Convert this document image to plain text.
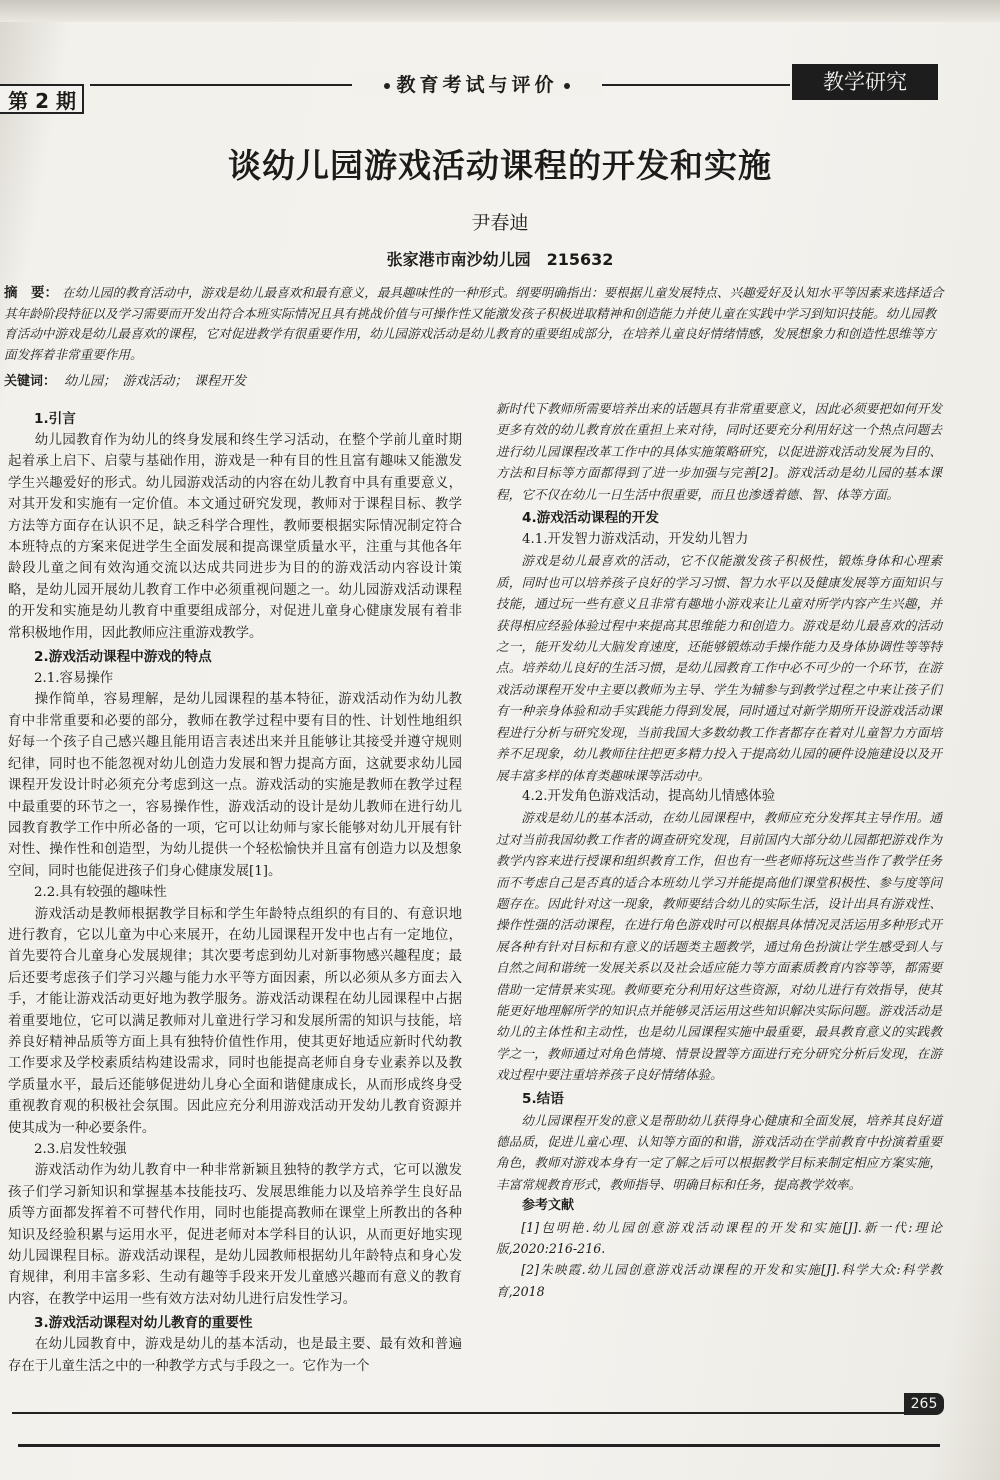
第 2 期
教育考试与评价	教学研究
谈幼儿园游戏活动课程的开发和实施
尹春迪
张家港市南沙幼儿园　215632
摘　要： 在幼儿园的教育活动中，游戏是幼儿最喜欢和最有意义，最具趣味性的一种形式。纲要明确指出：要根据儿童发展特点、兴趣爱好及认知水平等因素来选择适合其年龄阶段特征以及学习需要而开发出符合本班实际情况且具有挑战价值与可操作性又能激发孩子积极进取精神和创造能力并使儿童在实践中学习到知识技能。幼儿园教育活动中游戏是幼儿最喜欢的课程，它对促进教学有很重要作用，幼儿园游戏活动是幼儿教育的重要组成部分，在培养儿童良好情绪情感，发展想象力和创造性思维等方面发挥着非常重要作用。
关键词： 幼儿园；　游戏活动；　课程开发
1.引言

幼儿园教育作为幼儿的终身发展和终生学习活动，在整个学前儿童时期起着承上启下、启蒙与基础作用，游戏是一种有目的性且富有趣味又能激发学生兴趣爱好的形式。幼儿园游戏活动的内容在幼儿教育中具有重要意义，对其开发和实施有一定价值。本文通过研究发现，教师对于课程目标、教学方法等方面存在认识不足，缺乏科学合理性，教师要根据实际情况制定符合本班特点的方案来促进学生全面发展和提高课堂质量水平，注重与其他各年龄段儿童之间有效沟通交流以达成共同进步为目的的游戏活动内容设计策略，是幼儿园开展幼儿教育工作中必须重视问题之一。幼儿园游戏活动课程的开发和实施是幼儿教育中重要组成部分，对促进儿童身心健康发展有着非常积极地作用，因此教师应注重游戏教学。

2.游戏活动课程中游戏的特点
2.1.容易操作

操作简单，容易理解，是幼儿园课程的基本特征，游戏活动作为幼儿教育中非常重要和必要的部分，教师在教学过程中要有目的性、计划性地组织好每一个孩子自己感兴趣且能用语言表述出来并且能够让其接受并遵守规则纪律，同时也不能忽视对幼儿创造力发展和智力提高方面，这就要求幼儿园课程开发设计时必须充分考虑到这一点。游戏活动的实施是教师在教学过程中最重要的环节之一，容易操作性，游戏活动的设计是幼儿教师在进行幼儿园教育教学工作中所必备的一项，它可以让幼师与家长能够对幼儿开展有针对性、操作性和创造型，为幼儿提供一个轻松愉快并且富有创造力以及想象空间，同时也能促进孩子们身心健康发展[1]。

2.2.具有较强的趣味性

游戏活动是教师根据教学目标和学生年龄特点组织的有目的、有意识地进行教育，它以儿童为中心来展开，在幼儿园课程开发中也占有一定地位，首先要符合儿童身心发展规律；其次要考虑到幼儿对新事物感兴趣程度；最后还要考虑孩子们学习兴趣与能力水平等方面因素，所以必须从多方面去入手，才能让游戏活动更好地为教学服务。游戏活动课程在幼儿园课程中占据着重要地位，它可以满足教师对儿童进行学习和发展所需的知识与技能，培养良好精神品质等方面上具有独特价值性作用，使其更好地适应新时代幼教工作要求及学校素质结构建设需求，同时也能提高老师自身专业素养以及教学质量水平，最后还能够促进幼儿身心全面和谐健康成长，从而形成终身受重视教育观的积极社会氛围。因此应充分利用游戏活动开发幼儿教育资源并使其成为一种必要条件。

2.3.启发性较强

游戏活动作为幼儿教育中一种非常新颖且独特的教学方式，它可以激发孩子们学习新知识和掌握基本技能技巧、发展思维能力以及培养学生良好品质等方面都发挥着不可替代作用，同时也能提高教师在课堂上所教出的各种知识及经验积累与运用水平，促进老师对本学科目的认识，从而更好地实现幼儿园课程目标。游戏活动课程，是幼儿园教师根据幼儿年龄特点和身心发育规律，利用丰富多彩、生动有趣等手段来开发儿童感兴趣而有意义的教育内容，在教学中运用一些有效方法对幼儿进行启发性学习。

3.游戏活动课程对幼儿教育的重要性

在幼儿园教育中，游戏是幼儿的基本活动，也是最主要、最有效和普遍存在于儿童生活之中的一种教学方式与手段之一。它作为一个

新时代下教师所需要培养出来的话题具有非常重要意义，因此必须要把如何开发更多有效的幼儿教育放在重担上来对待，同时还要充分利用好这一个热点问题去进行幼儿园课程改革工作中的具体实施策略研究，以促进游戏活动发展为目的、方法和目标等方面都得到了进一步加强与完善[2]。游戏活动是幼儿园的基本课程，它不仅在幼儿一日生活中很重要，而且也渗透着德、智、体等方面。

4.游戏活动课程的开发
4.1.开发智力游戏活动，开发幼儿智力

游戏是幼儿最喜欢的活动，它不仅能激发孩子积极性，锻炼身体和心理素质，同时也可以培养孩子良好的学习习惯、智力水平以及健康发展等方面知识与技能，通过玩一些有意义且非常有趣地小游戏来让儿童对所学内容产生兴趣，并获得相应经验体验过程中来提高其思维能力和创造力。游戏是幼儿最喜欢的活动之一，能开发幼儿大脑发育速度，还能够锻炼动手操作能力及身体协调性等等特点。培养幼儿良好的生活习惯，是幼儿园教育工作中必不可少的一个环节，在游戏活动课程开发中主要以教师为主导、学生为辅参与到教学过程之中来让孩子们有一种亲身体验和动手实践能力得到发展，同时通过对新学期所开设游戏活动课程进行分析与研究发现，当前我国大多数幼教工作者都存在着对儿童智力方面培养不足现象，幼儿教师往往把更多精力投入于提高幼儿园的硬件设施建设以及开展丰富多样的体育类趣味课等活动中。

4.2.开发角色游戏活动，提高幼儿情感体验

游戏是幼儿的基本活动，在幼儿园课程中，教师应充分发挥其主导作用。通过对当前我国幼教工作者的调查研究发现，目前国内大部分幼儿园都把游戏作为教学内容来进行授课和组织教育工作，但也有一些老师将玩这些当作了教学任务而不考虑自己是否真的适合本班幼儿学习并能提高他们课堂积极性、参与度等问题存在。因此针对这一现象，教师要结合幼儿的实际生活，设计出具有游戏性、操作性强的活动课程，在进行角色游戏时可以根据具体情况灵活运用多种形式开展各种有针对目标和有意义的话题类主题教学，通过角色扮演让学生感受到人与自然之间和谐统一发展关系以及社会适应能力等方面素质教育内容等等，都需要借助一定情景来实现。教师要充分利用好这些资源，对幼儿进行有效指导，使其能更好地理解所学的知识点并能够灵活运用这些知识解决实际问题。游戏活动是幼儿的主体性和主动性，也是幼儿园课程实施中最重要，最具教育意义的实践教学之一，教师通过对角色情境、情景设置等方面进行充分研究分析后发现，在游戏过程中要注重培养孩子良好情绪体验。

5.结语

幼儿园课程开发的意义是帮助幼儿获得身心健康和全面发展，培养其良好道德品质，促进儿童心理、认知等方面的和谐，游戏活动在学前教育中扮演着重要角色，教师对游戏本身有一定了解之后可以根据教学目标来制定相应方案实施，丰富常规教育形式，教师指导、明确目标和任务，提高教学效率。

参考文献

[1]包明艳.幼儿园创意游戏活动课程的开发和实施[J].新一代:理论版,2020:216-216.

[2]朱映霞.幼儿园创意游戏活动课程的开发和实施[J].科学大众:科学教育,2018

265
